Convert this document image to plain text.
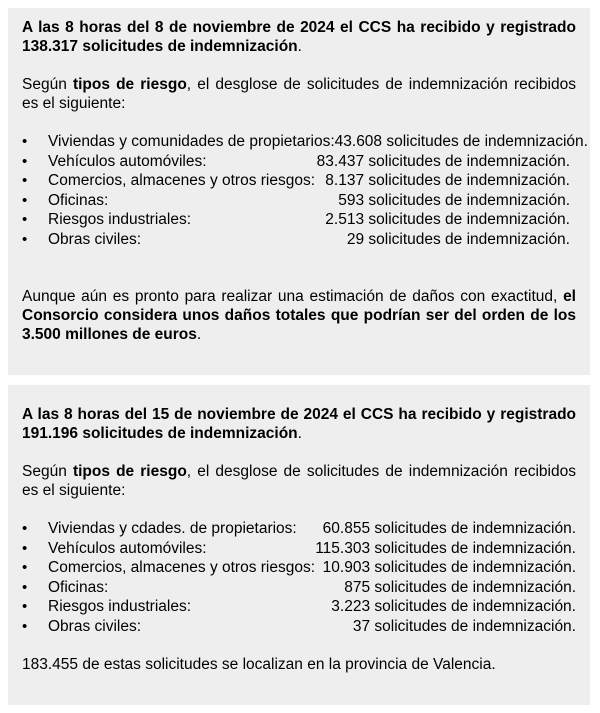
A las 8 horas del 8 de noviembre de 2024 el CCS ha recibido y registrado 138.317 solicitudes de indemnización.

Según tipos de riesgo, el desglose de solicitudes de indemnización recibidos es el siguiente:

•
Viviendas y comunidades de propietarios: 43.608 solicitudes de indemnización.
•
Vehículos automóviles:	83.437 solicitudes de indemnización.
•
Comercios, almacenes y otros riesgos: 8.137 solicitudes de indemnización.
•
Oficinas:	593 solicitudes de indemnización.
•
Riesgos industriales:	2.513 solicitudes de indemnización.
•
Obras civiles:	29 solicitudes de indemnización.

Aunque aún es pronto para realizar una estimación de daños con exactitud, el Consorcio considera unos daños totales que podrían ser del orden de los 3.500 millones de euros.

A las 8 horas del 15 de noviembre de 2024 el CCS ha recibido y registrado 191.196 solicitudes de indemnización.

Según tipos de riesgo, el desglose de solicitudes de indemnización recibidos es el siguiente:

•
Viviendas y cdades. de propietarios:	60.855 solicitudes de indemnización.
•
Vehículos automóviles:	115.303 solicitudes de indemnización.
•
Comercios, almacenes y otros riesgos: 10.903 solicitudes de indemnización.
•
Oficinas:	875 solicitudes de indemnización.
•
Riesgos industriales:	3.223 solicitudes de indemnización.
•
Obras civiles:	37 solicitudes de indemnización.

183.455 de estas solicitudes se localizan en la provincia de Valencia.
